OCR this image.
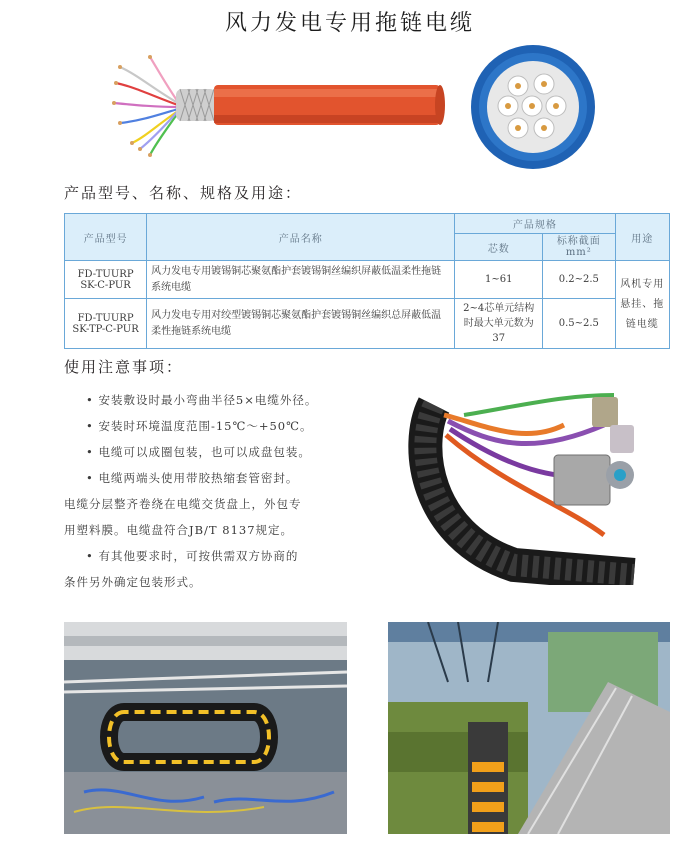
风力发电专用拖链电缆
产品型号、名称、规格及用途：
产品型号	产品名称	产品规格		用途
		芯数	标称截面
mm²	
FD-TUURP
SK-C-PUR	风力发电专用镀锡铜芯聚氨酯护套镀锡铜丝编织屏蔽低温柔性拖链系统电缆	1~61	0.2~2.5	风机专用悬挂、拖链电缆
FD-TUURP
SK-TP-C-PUR	风力发电专用对绞型镀锡铜芯聚氨酯护套镀锡铜丝编织总屏蔽低温柔性拖链系统电缆	2~4芯单元结构
时最大单元数为37	0.5~2.5	
使用注意事项：
• 安装敷设时最小弯曲半径5×电缆外径。
• 安装时环境温度范围-15℃～+50℃。
• 电缆可以成圈包装，也可以成盘包装。
• 电缆两端头使用带胶热缩套管密封。
电缆分层整齐卷绕在电缆交货盘上，外包专
用塑料膜。电缆盘符合JB/T 8137规定。
• 有其他要求时，可按供需双方协商的
条件另外确定包装形式。
